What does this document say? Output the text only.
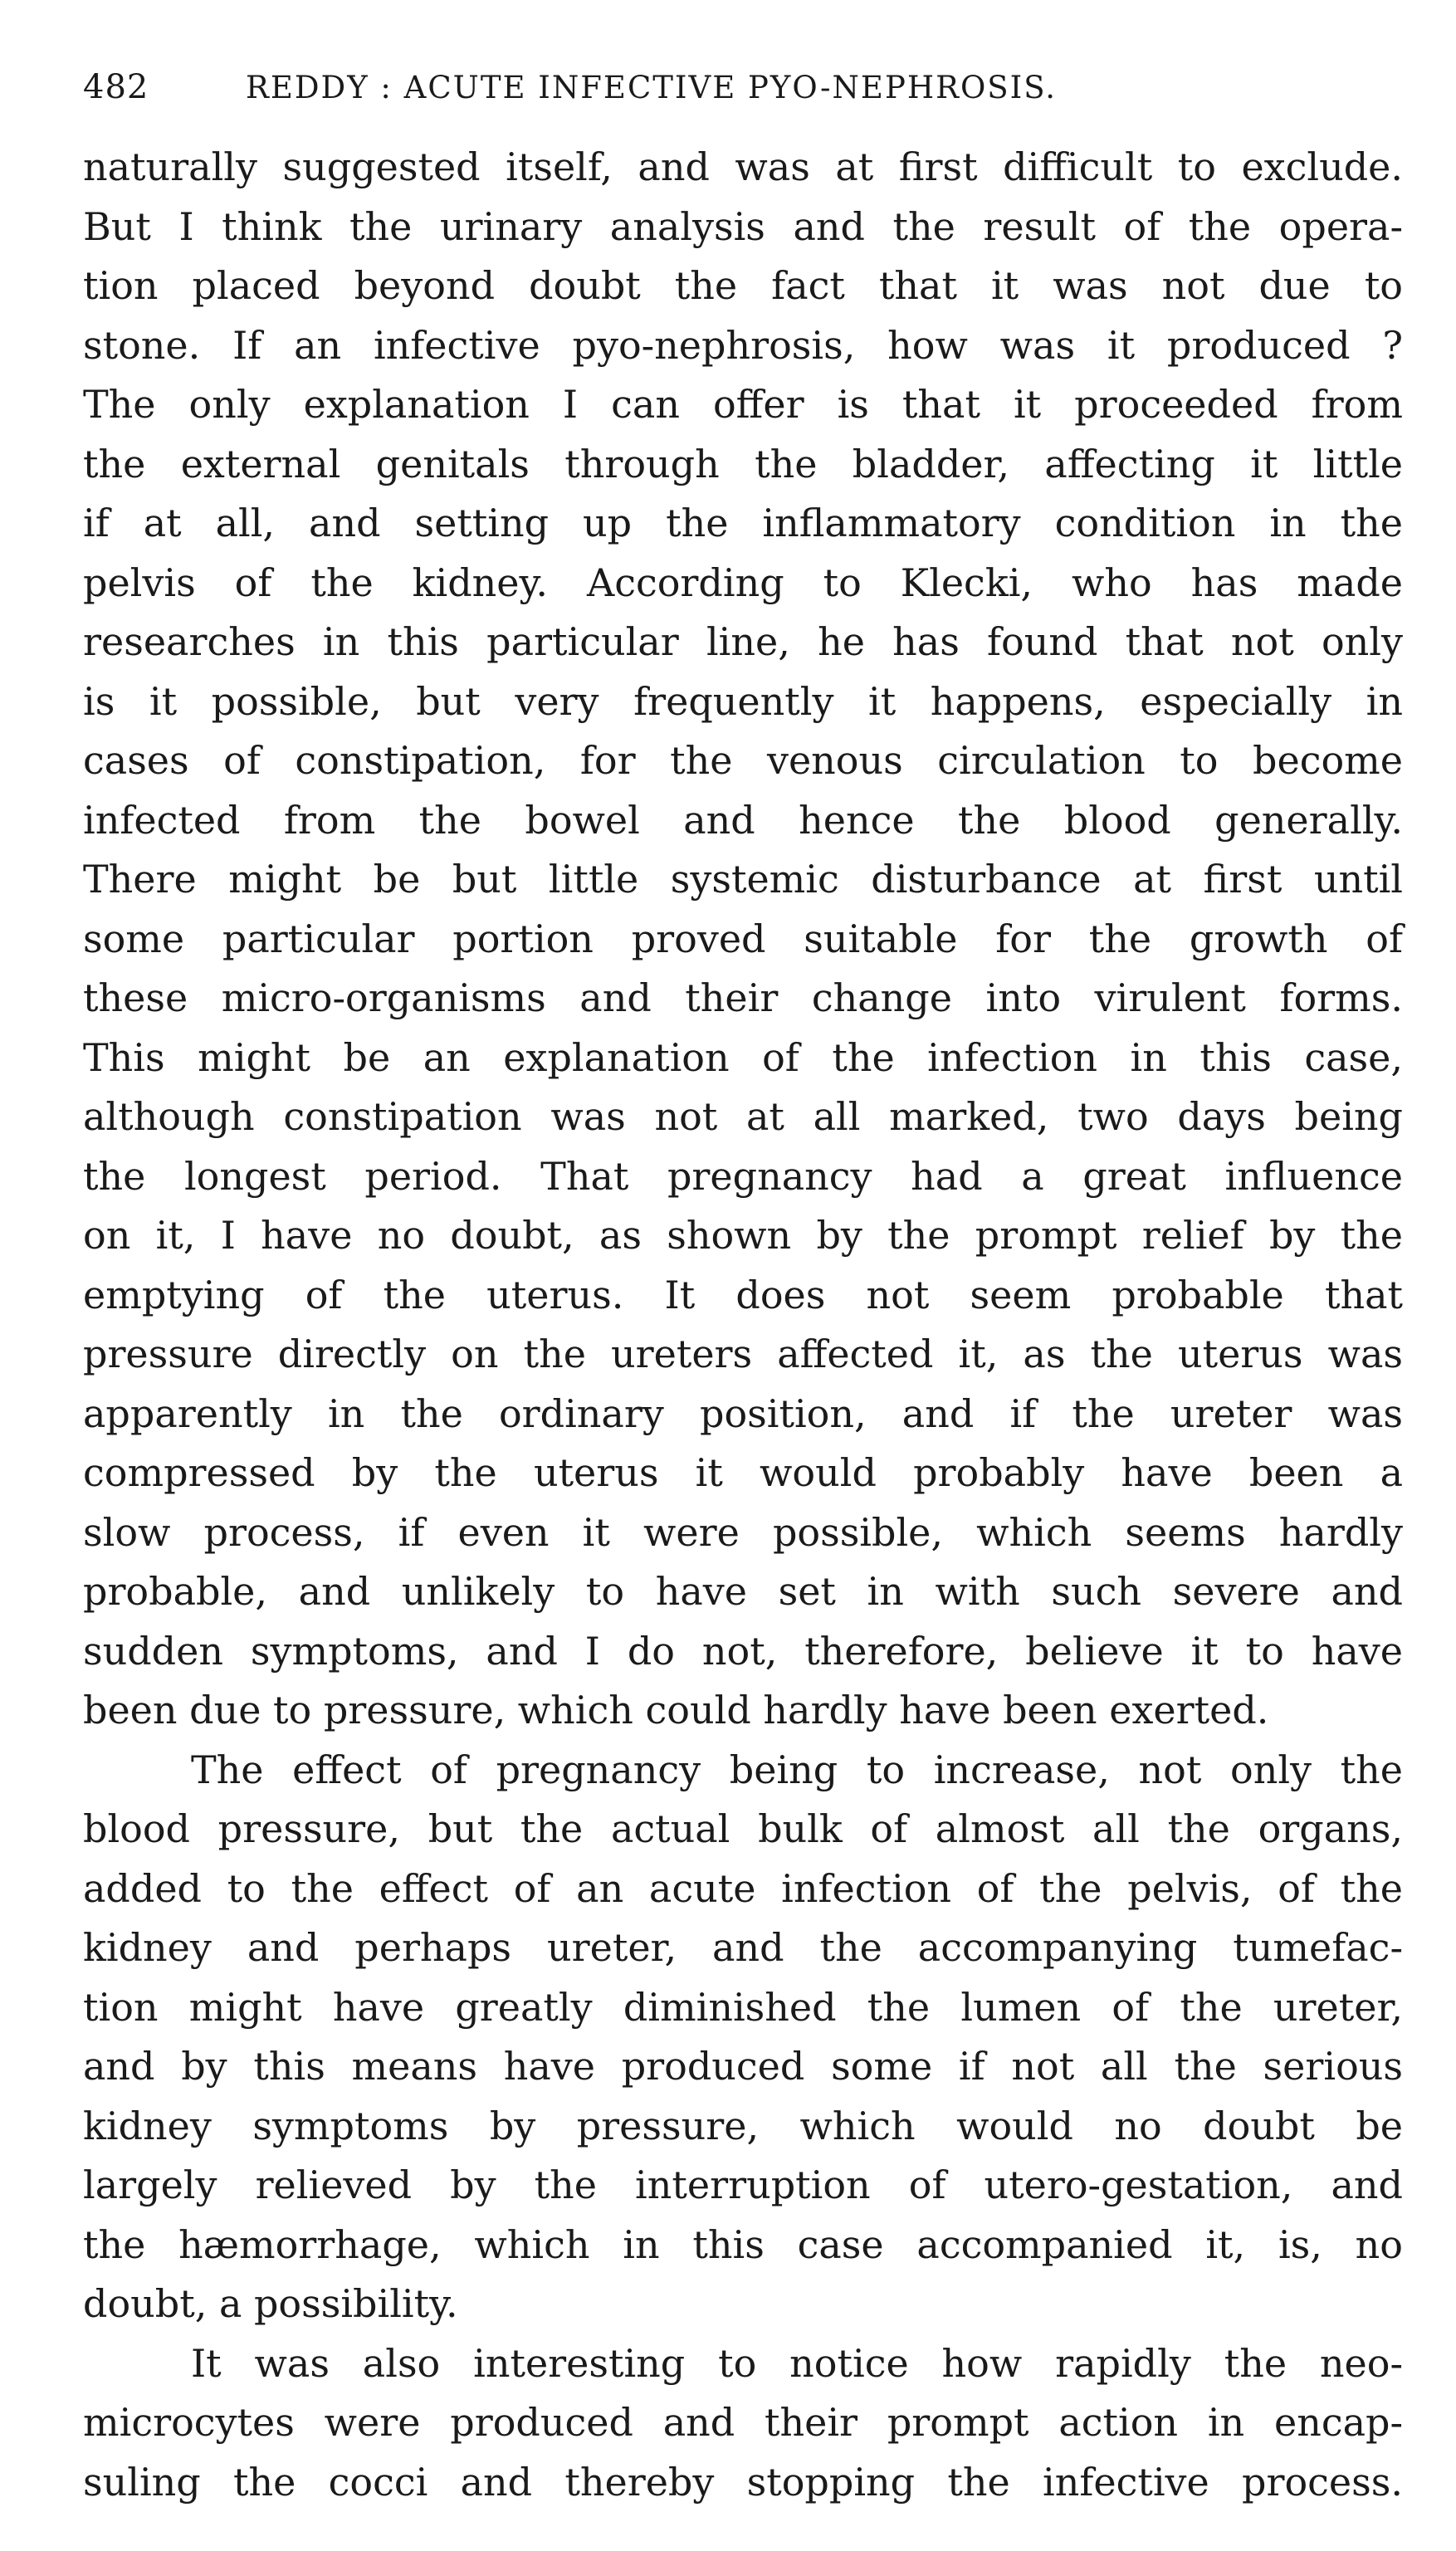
482	REDDY : ACUTE INFECTIVE PYO-NEPHROSIS.
naturally suggested itself, and was at first difficult to exclude.
But I think the urinary analysis and the result of the opera-
tion placed beyond doubt the fact that it was not due to
stone. If an infective pyo-nephrosis, how was it produced ?
The only explanation I can offer is that it proceeded from
the external genitals through the bladder, affecting it little
if at all, and setting up the inflammatory condition in the
pelvis of the kidney. According to Klecki, who has made
researches in this particular line, he has found that not only
is it possible, but very frequently it happens, especially in
cases of constipation, for the venous circulation to become
infected from the bowel and hence the blood generally.
There might be but little systemic disturbance at first until
some particular portion proved suitable for the growth of
these micro-organisms and their change into virulent forms.
This might be an explanation of the infection in this case,
although constipation was not at all marked, two days being
the longest period. That pregnancy had a great influence
on it, I have no doubt, as shown by the prompt relief by the
emptying of the uterus. It does not seem probable that
pressure directly on the ureters affected it, as the uterus was
apparently in the ordinary position, and if the ureter was
compressed by the uterus it would probably have been a
slow process, if even it were possible, which seems hardly
probable, and unlikely to have set in with such severe and
sudden symptoms, and I do not, therefore, believe it to have
been due to pressure, which could hardly have been exerted.
The effect of pregnancy being to increase, not only the
blood pressure, but the actual bulk of almost all the organs,
added to the effect of an acute infection of the pelvis, of the
kidney and perhaps ureter, and the accompanying tumefac-
tion might have greatly diminished the lumen of the ureter,
and by this means have produced some if not all the serious
kidney symptoms by pressure, which would no doubt be
largely relieved by the interruption of utero-gestation, and
the hæmorrhage, which in this case accompanied it, is, no
doubt, a possibility.
It was also interesting to notice how rapidly the neo-
microcytes were produced and their prompt action in encap-
suling the cocci and thereby stopping the infective process.
